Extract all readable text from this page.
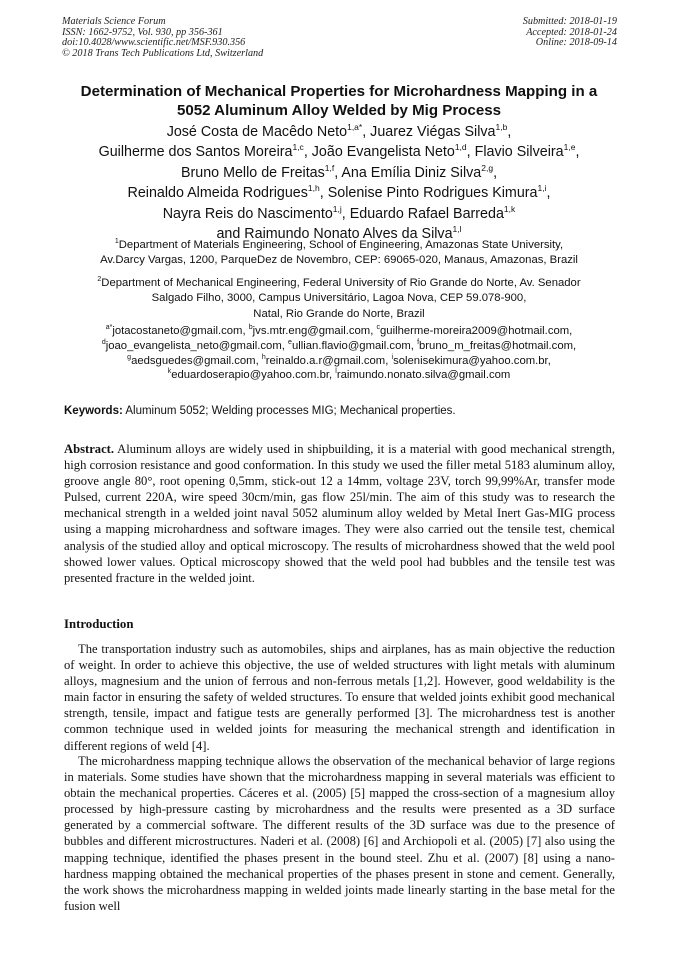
Materials Science Forum
ISSN: 1662-9752, Vol. 930, pp 356-361
doi:10.4028/www.scientific.net/MSF.930.356
© 2018 Trans Tech Publications Ltd, Switzerland
Submitted: 2018-01-19
Accepted: 2018-01-24
Online: 2018-09-14
Determination of Mechanical Properties for Microhardness Mapping in a
5052 Aluminum Alloy Welded by Mig Process
José Costa de Macêdo Neto$^{1,a*}$, Juarez Viégas Silva$^{1,b}$,
Guilherme dos Santos Moreira$^{1,c}$, João Evangelista Neto$^{1,d}$, Flavio Silveira$^{1,e}$,
Bruno Mello de Freitas$^{1,f}$, Ana Emília Diniz Silva$^{2,g}$,
Reinaldo Almeida Rodrigues$^{1,h}$, Solenise Pinto Rodrigues Kimura$^{1,i}$,
Nayra Reis do Nascimento$^{1,j}$, Eduardo Rafael Barreda$^{1,k}$
and Raimundo Nonato Alves da Silva$^{1,l}$
$^1$Department of Materials Engineering, School of Engineering, Amazonas State University,
Av.Darcy Vargas, 1200, ParqueDez de Novembro, CEP: 69065-020, Manaus, Amazonas, Brazil
$^2$Department of Mechanical Engineering, Federal University of Rio Grande do Norte, Av. Senador
Salgado Filho, 3000, Campus Universitário, Lagoa Nova, CEP 59.078-900,
Natal, Rio Grande do Norte, Brazil
$^{a*}$jotacostaneto@gmail.com, $^b$jvs.mtr.eng@gmail.com, $^c$guilherme-moreira2009@hotmail.com,
$^d$joao_evangelista_neto@gmail.com, $^e$ullian.flavio@gmail.com, $^f$bruno_m_freitas@hotmail.com,
$^g$aedsguedes@gmail.com, $^h$reinaldo.a.r@gmail.com, $^i$solenisekimura@yahoo.com.br,
$^k$eduardoserapio@yahoo.com.br, $^l$raimundo.nonato.silva@gmail.com
Keywords: Aluminum 5052; Welding processes MIG; Mechanical properties.
Abstract. Aluminum alloys are widely used in shipbuilding, it is a material with good mechanical strength, high corrosion resistance and good conformation. In this study we used the filler metal 5183 aluminum alloy, groove angle 80°, root opening 0,5mm, stick-out 12 a 14mm, voltage 23V, torch 99,99%Ar, transfer mode Pulsed, current 220A, wire speed 30cm/min, gas flow 25l/min. The aim of this study was to research the mechanical strength in a welded joint naval 5052 aluminum alloy welded by Metal Inert Gas-MIG process using a mapping microhardness and software images. They were also carried out the tensile test, chemical analysis of the studied alloy and optical microscopy. The results of microhardness showed that the weld pool showed lower values. Optical microscopy showed that the weld pool had bubbles and the tensile test was presented fracture in the welded joint.
Introduction
The transportation industry such as automobiles, ships and airplanes, has as main objective the reduction of weight. In order to achieve this objective, the use of welded structures with light metals with aluminum alloys, magnesium and the union of ferrous and non-ferrous metals [1,2]. However, good weldability is the main factor in ensuring the safety of welded structures. To ensure that welded joints exhibit good mechanical strength, tensile, impact and fatigue tests are generally performed [3]. The microhardness test is another common technique used in welded joints for measuring the mechanical strength and identification in different regions of weld [4].
The microhardness mapping technique allows the observation of the mechanical behavior of large regions in materials. Some studies have shown that the microhardness mapping in several materials was efficient to obtain the mechanical properties. Cáceres et al. (2005) [5] mapped the cross-section of a magnesium alloy processed by high-pressure casting by microhardness and the results were presented as a 3D surface generated by a commercial software. The different results of the 3D surface was due to the presence of bubbles and different microstructures. Naderi et al. (2008) [6] and Archiopoli et al. (2005) [7] also using the mapping technique, identified the phases present in the bound steel. Zhu et al. (2007) [8] using a nano-hardness mapping obtained the mechanical properties of the phases present in stone and cement. Generally, the work shows the microhardness mapping in welded joints made linearly starting in the base metal for the fusion well
